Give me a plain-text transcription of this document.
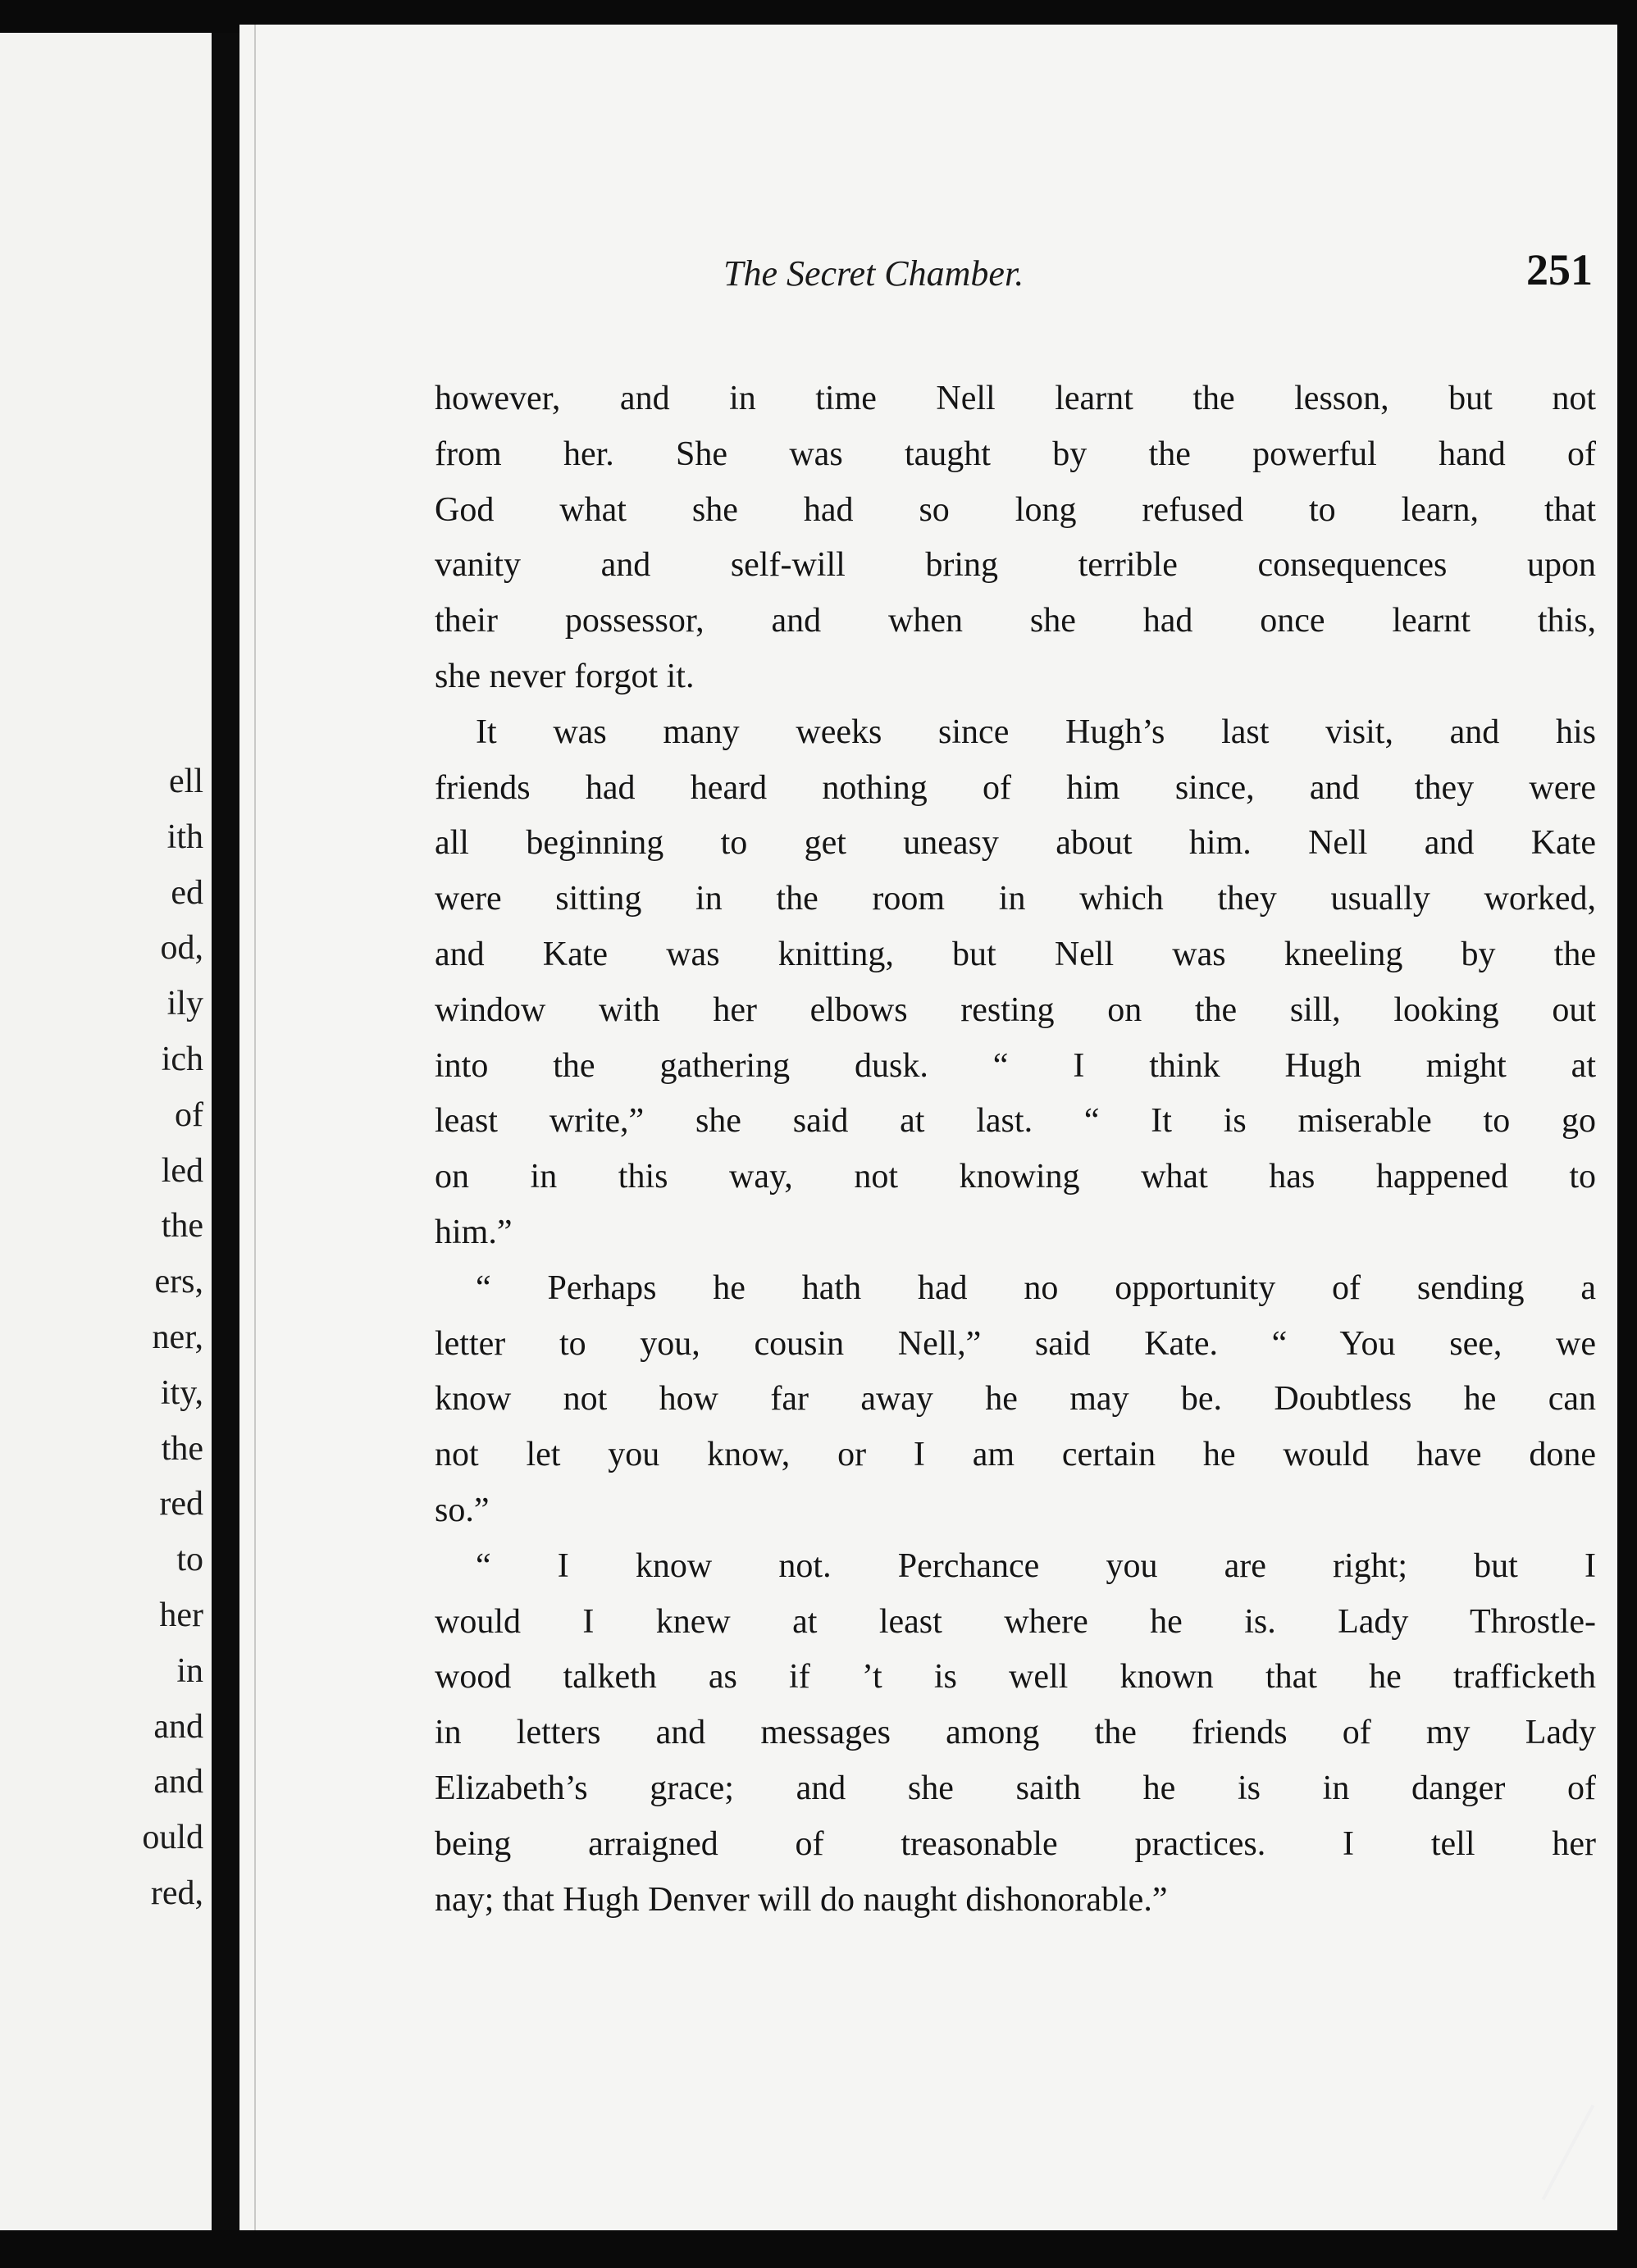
ell
ith
ed
od,
ily
ich
of
led
the
ers,
ner,
ity,
the
red
to
her
in
and
and
ould
red,
The Secret Chamber.	251

however, and in time Nell learnt the lesson, but not
from her. She was taught by the powerful hand of
God what she had so long refused to learn, that
vanity and self-will bring terrible consequences upon
their possessor, and when she had once learnt this,
she never forgot it.

It was many weeks since Hugh’s last visit, and his
friends had heard nothing of him since, and they were
all beginning to get uneasy about him. Nell and Kate
were sitting in the room in which they usually worked,
and Kate was knitting, but Nell was kneeling by the
window with her elbows resting on the sill, looking out
into the gathering dusk. “ I think Hugh might at
least write,” she said at last. “ It is miserable to go
on in this way, not knowing what has happened to
him.”

“ Perhaps he hath had no opportunity of sending a
letter to you, cousin Nell,” said Kate. “ You see, we
know not how far away he may be. Doubtless he can
not let you know, or I am certain he would have done
so.”

“ I know not. Perchance you are right; but I
would I knew at least where he is. Lady Throstle-
wood talketh as if ’t is well known that he trafficketh
in letters and messages among the friends of my Lady
Elizabeth’s grace; and she saith he is in danger of
being arraigned of treasonable practices. I tell her
nay; that Hugh Denver will do naught dishonorable.”
